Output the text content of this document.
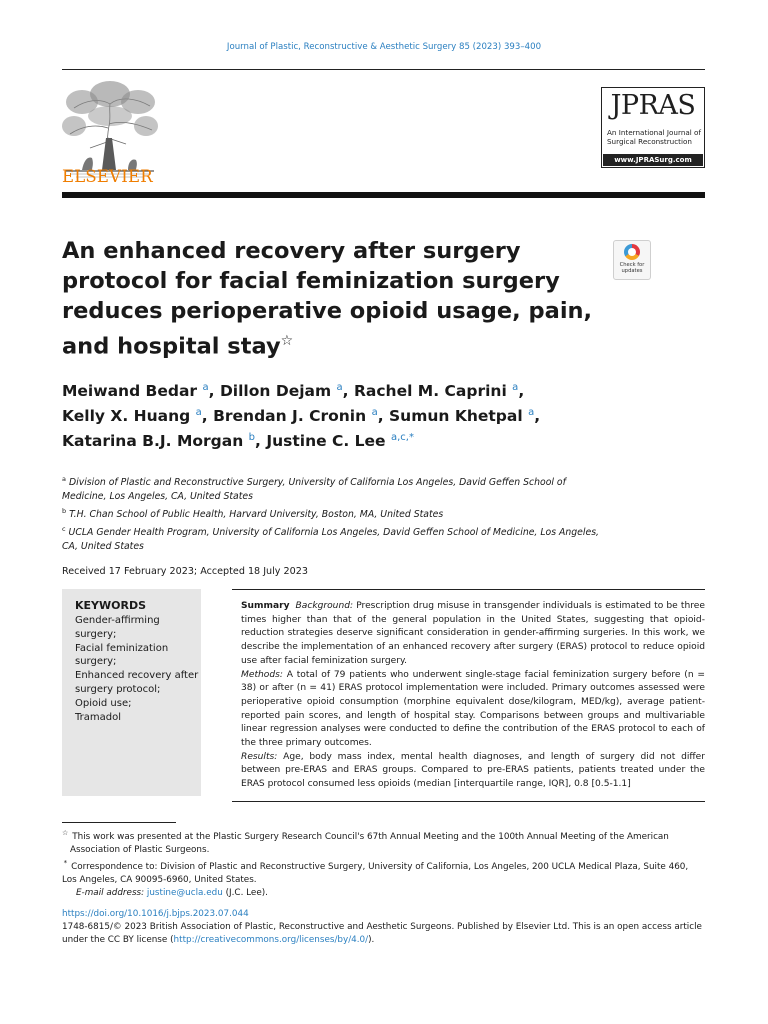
Journal of Plastic, Reconstructive & Aesthetic Surgery 85 (2023) 393–400
ELSEVIER
JPRAS
An International Journal of Surgical Reconstruction
www.JPRASurg.com
An enhanced recovery after surgery protocol for facial feminization surgery reduces perioperative opioid usage, pain, and hospital stay☆
Check for updates
Meiwand Bedar $^a$, Dillon Dejam $^a$, Rachel M. Caprini $^a$,
Kelly X. Huang $^a$, Brendan J. Cronin $^a$, Sumun Khetpal $^a$,
Katarina B.J. Morgan $^b$, Justine C. Lee $^{a,c,*}$
$^a$ Division of Plastic and Reconstructive Surgery, University of California Los Angeles, David Geffen School of Medicine, Los Angeles, CA, United States
$^b$ T.H. Chan School of Public Health, Harvard University, Boston, MA, United States
$^c$ UCLA Gender Health Program, University of California Los Angeles, David Geffen School of Medicine, Los Angeles, CA, United States
Received 17 February 2023; Accepted 18 July 2023
KEYWORDS
Gender-affirming surgery;
Facial feminization surgery;
Enhanced recovery after surgery protocol;
Opioid use;
Tramadol

Summary Background: Prescription drug misuse in transgender individuals is estimated to be three times higher than that of the general population in the United States, suggesting that opioid-reduction strategies deserve significant consideration in gender-affirming surgeries. In this work, we describe the implementation of an enhanced recovery after surgery (ERAS) protocol to reduce opioid use after facial feminization surgery.

Methods: A total of 79 patients who underwent single-stage facial feminization surgery before (n = 38) or after (n = 41) ERAS protocol implementation were included. Primary outcomes assessed were perioperative opioid consumption (morphine equivalent dose/kilogram, MED/kg), average patient-reported pain scores, and length of hospital stay. Comparisons between groups and multivariable linear regression analyses were conducted to define the contribution of the ERAS protocol to each of the three primary outcomes.

Results: Age, body mass index, mental health diagnoses, and length of surgery did not differ between pre-ERAS and ERAS groups. Compared to pre-ERAS patients, patients treated under the ERAS protocol consumed less opioids (median [interquartile range, IQR], 0.8 [0.5-1.1]

☆ This work was presented at the Plastic Surgery Research Council's 67th Annual Meeting and the 100th Annual Meeting of the American Association of Plastic Surgeons.

* Correspondence to: Division of Plastic and Reconstructive Surgery, University of California, Los Angeles, 200 UCLA Medical Plaza, Suite 460, Los Angeles, CA 90095-6960, United States.

E-mail address: justine@ucla.edu (J.C. Lee).

https://doi.org/10.1016/j.bjps.2023.07.044

1748-6815/© 2023 British Association of Plastic, Reconstructive and Aesthetic Surgeons. Published by Elsevier Ltd. This is an open access article under the CC BY license (http://creativecommons.org/licenses/by/4.0/).
